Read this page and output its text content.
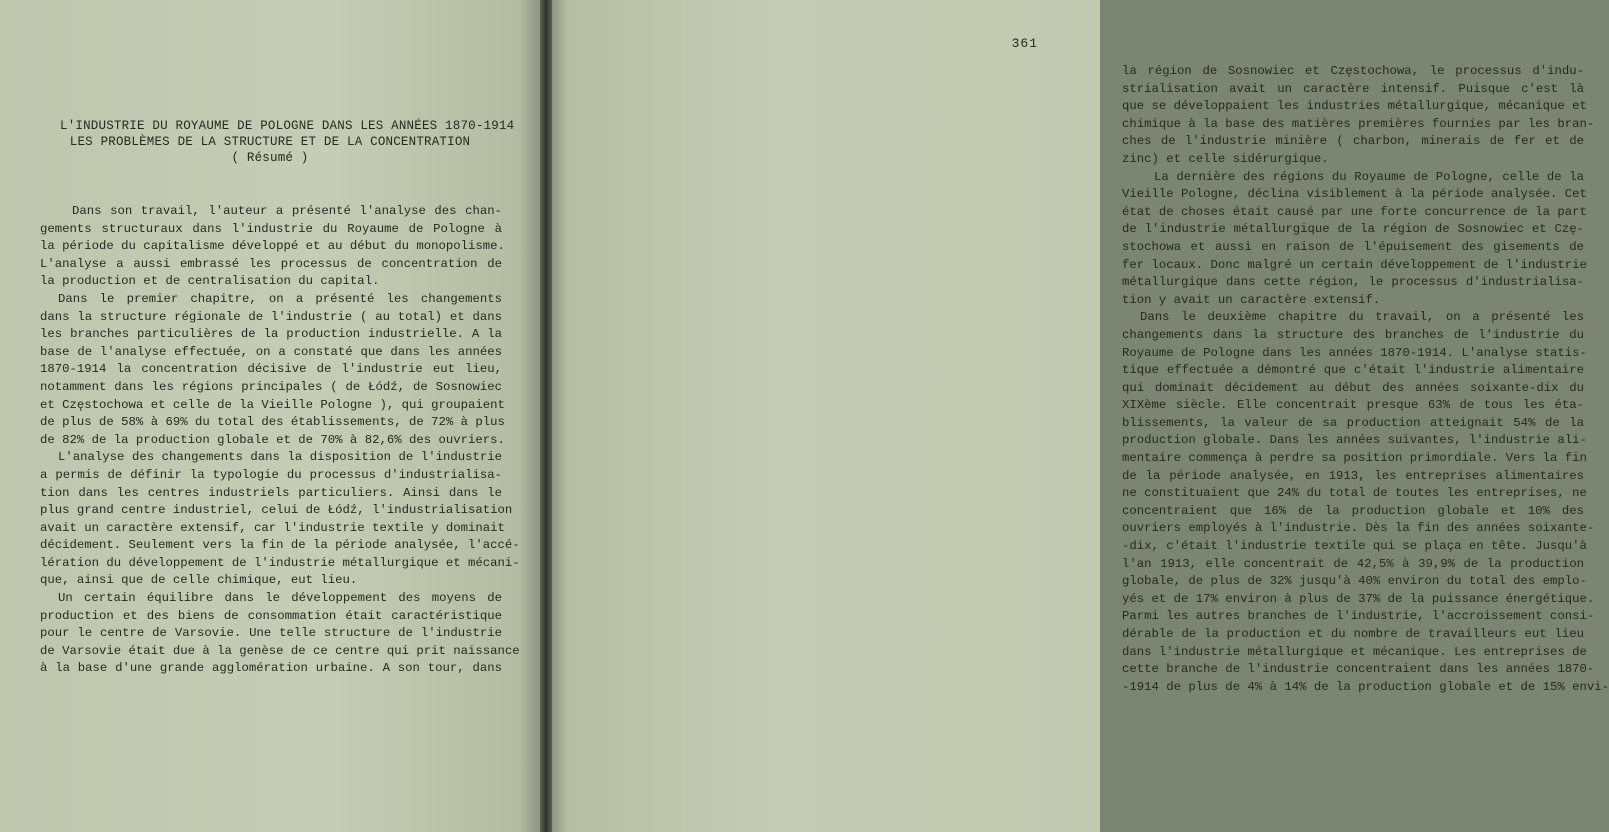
L'INDUSTRIE DU ROYAUME DE POLOGNE DANS LES ANNÉES 1870-1914
LES PROBLÈMES DE LA STRUCTURE ET DE LA CONCENTRATION
( Résumé )
Dans son travail, l'auteur a présenté l'analyse des chan-
gements structuraux dans l'industrie du Royaume de Pologne à
la période du capitalisme développé et au début du monopolisme.
L'analyse a aussi embrassé les processus de concentration de
la production et de centralisation du capital.
Dans le premier chapitre, on a présenté les changements
dans la structure régionale de l'industrie ( au total) et dans
les branches particulières de la production industrielle. A la
base de l'analyse effectuée, on a constaté que dans les années
1870-1914 la concentration décisive de l'industrie eut lieu,
notamment dans les régions principales ( de Łódź, de Sosnowiec
et Częstochowa et celle de la Vieille Pologne ), qui groupaient
de plus de 58% à 69% du total des établissements, de 72% à plus
de 82% de la production globale et de 70% à 82,6% des ouvriers.
L'analyse des changements dans la disposition de l'industrie
a permis de définir la typologie du processus d'industrialisa-
tion dans les centres industriels particuliers. Ainsi dans le
plus grand centre industriel, celui de Łódź, l'industrialisation
avait un caractère extensif, car l'industrie textile y dominait
décidement. Seulement vers la fin de la période analysée, l'accé-
lération du développement de l'industrie métallurgique et mécani-
que, ainsi que de celle chimique, eut lieu.
Un certain équilibre dans le développement des moyens de
production et des biens de consommation était caractéristique
pour le centre de Varsovie. Une telle structure de l'industrie
de Varsovie était due à la genèse de ce centre qui prit naissance
à la base d'une grande agglomération urbaine. A son tour, dans
361
la région de Sosnowiec et Częstochowa, le processus d'indu-
strialisation avait un caractère intensif. Puisque c'est là
que se développaient les industries métallurgique, mécanique et
chimique à la base des matières premières fournies par les bran-
ches de l'industrie minière ( charbon, minerais de fer et de
zinc) et celle sidérurgique.
La dernière des régions du Royaume de Pologne, celle de la
Vieille Pologne, déclina visiblement à la période analysée. Cet
état de choses était causé par une forte concurrence de la part
de l'industrie métallurgique de la région de Sosnowiec et Czę-
stochowa et aussi en raison de l'épuisement des gisements de
fer locaux. Donc malgré un certain développement de l'industrie
métallurgique dans cette région, le processus d'industrialisa-
tion y avait un caractère extensif.
Dans le deuxième chapitre du travail, on a présenté les
changements dans la structure des branches de l'industrie du
Royaume de Pologne dans les années 1870-1914. L'analyse statis-
tique effectuée a démontré que c'était l'industrie alimentaire
qui dominait décidement au début des années soixante-dix du
XIXème siècle. Elle concentrait presque 63% de tous les éta-
blissements, la valeur de sa production atteignait 54% de la
production globale. Dans les années suivantes, l'industrie ali-
mentaire commença à perdre sa position primordiale. Vers la fin
de la période analysée, en 1913, les entreprises alimentaires
ne constituaient que 24% du total de toutes les entreprises, ne
concentraient que 16% de la production globale et 10% des
ouvriers employés à l'industrie. Dès la fin des années soixante-
-dix, c'était l'industrie textile qui se plaça en tête. Jusqu'à
l'an 1913, elle concentrait de 42,5% à 39,9% de la production
globale, de plus de 32% jusqu'à 40% environ du total des emplo-
yés et de 17% environ à plus de 37% de la puissance énergétique.
Parmi les autres branches de l'industrie, l'accroissement consi-
dérable de la production et du nombre de travailleurs eut lieu
dans l'industrie métallurgique et mécanique. Les entreprises de
cette branche de l'industrie concentraient dans les années 1870-
-1914 de plus de 4% à 14% de la production globale et de 15% envi-
